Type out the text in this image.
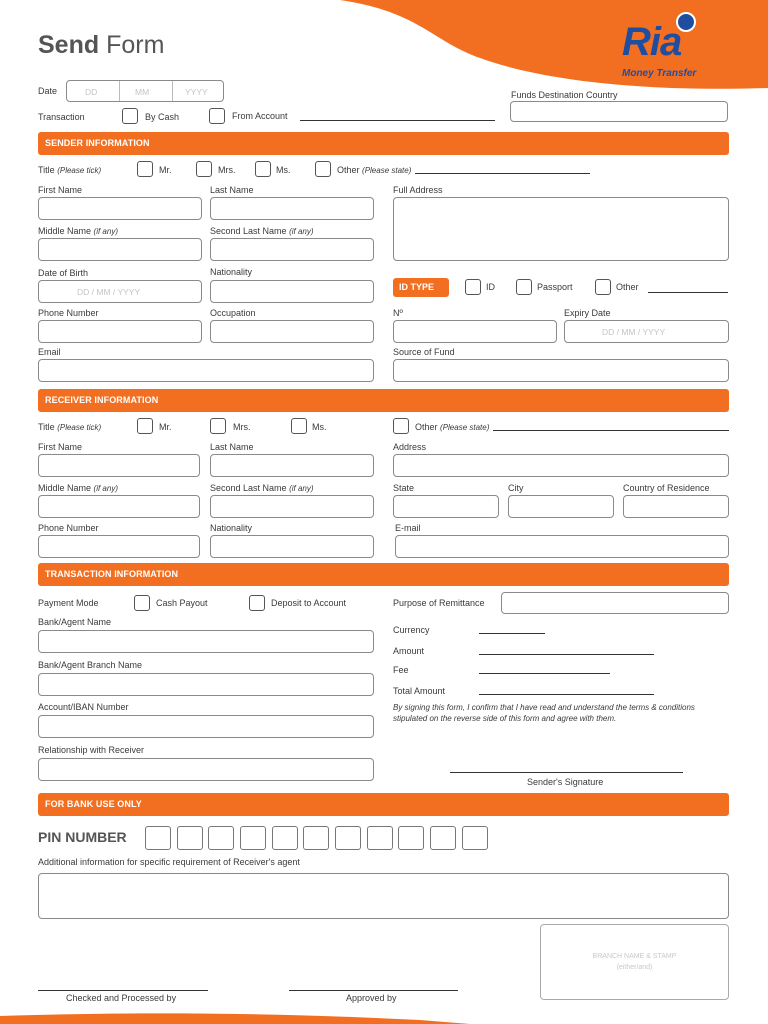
Send Form	Ria
Money Transfer
Date	DD	MM	YYYY
Transaction	By Cash	From Account
Funds Destination Country
SENDER INFORMATION
Title (Please tick)	Mr.	Mrs.	Ms.	Other (Please state)
First Name	Last Name	Full Address
Middle Name (if any)	Second Last Name (if any)
Date of Birth
DD / MM / YYYY
Nationality
ID TYPE	ID	Passport	Other
Phone Number	Occupation	Nº	Expiry Date
DD / MM / YYYY
Email	Source of Fund
RECEIVER INFORMATION
Title (Please tick)	Mr.	Mrs.	Ms.	Other (Please state)
First Name	Last Name	Address
Middle Name (if any)	Second Last Name (if any)	State	City	Country of Residence
Phone Number	Nationality	E-mail
TRANSACTION INFORMATION
Payment Mode	Cash Payout	Deposit to Account	Purpose of Remittance
Bank/Agent Name
Currency
Amount
Bank/Agent Branch Name	Fee
Total Amount
Account/IBAN Number	By signing this form, I confirm that I have read and understand the terms & conditions stipulated on the reverse side of this form and agree with them.
Relationship with Receiver
Sender's Signature
FOR BANK USE ONLY
PIN NUMBER
Additional information for specific requirement of Receiver's agent
BRANCH NAME & STAMP
(either/and)
Checked and Processed by	Approved by
